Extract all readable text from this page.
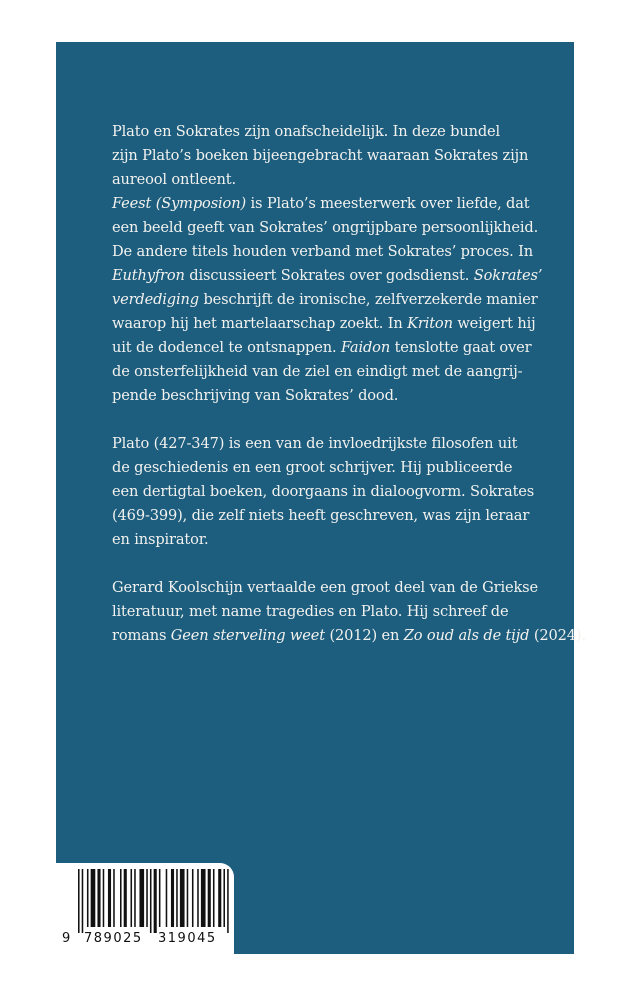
Plato en Sokrates zijn onafscheidelijk. In deze bundel
zijn Plato’s boeken bijeengebracht waaraan Sokrates zijn
aureool ontleent.
Feest (Symposion) is Plato’s meesterwerk over liefde, dat
een beeld geeft van Sokrates’ ongrijpbare persoonlijkheid.
De andere titels houden verband met Sokrates’ proces. In
Euthyfron discussieert Sokrates over godsdienst. Sokrates’
verdediging beschrijft de ironische, zelfverzekerde manier
waarop hij het martelaarschap zoekt. In Kriton weigert hij
uit de dodencel te ontsnappen. Faidon tenslotte gaat over
de onsterfelijkheid van de ziel en eindigt met de aangrij-
pende beschrijving van Sokrates’ dood.
Plato (427-347) is een van de invloedrijkste filosofen uit
de geschiedenis en een groot schrijver. Hij publiceerde
een dertigtal boeken, doorgaans in dialoogvorm. Sokrates
(469-399), die zelf niets heeft geschreven, was zijn leraar
en inspirator.
Gerard Koolschijn vertaalde een groot deel van de Griekse
literatuur, met name tragedies en Plato. Hij schreef de
romans Geen sterveling weet (2012) en Zo oud als de tijd (2024).
9 789025 319045
